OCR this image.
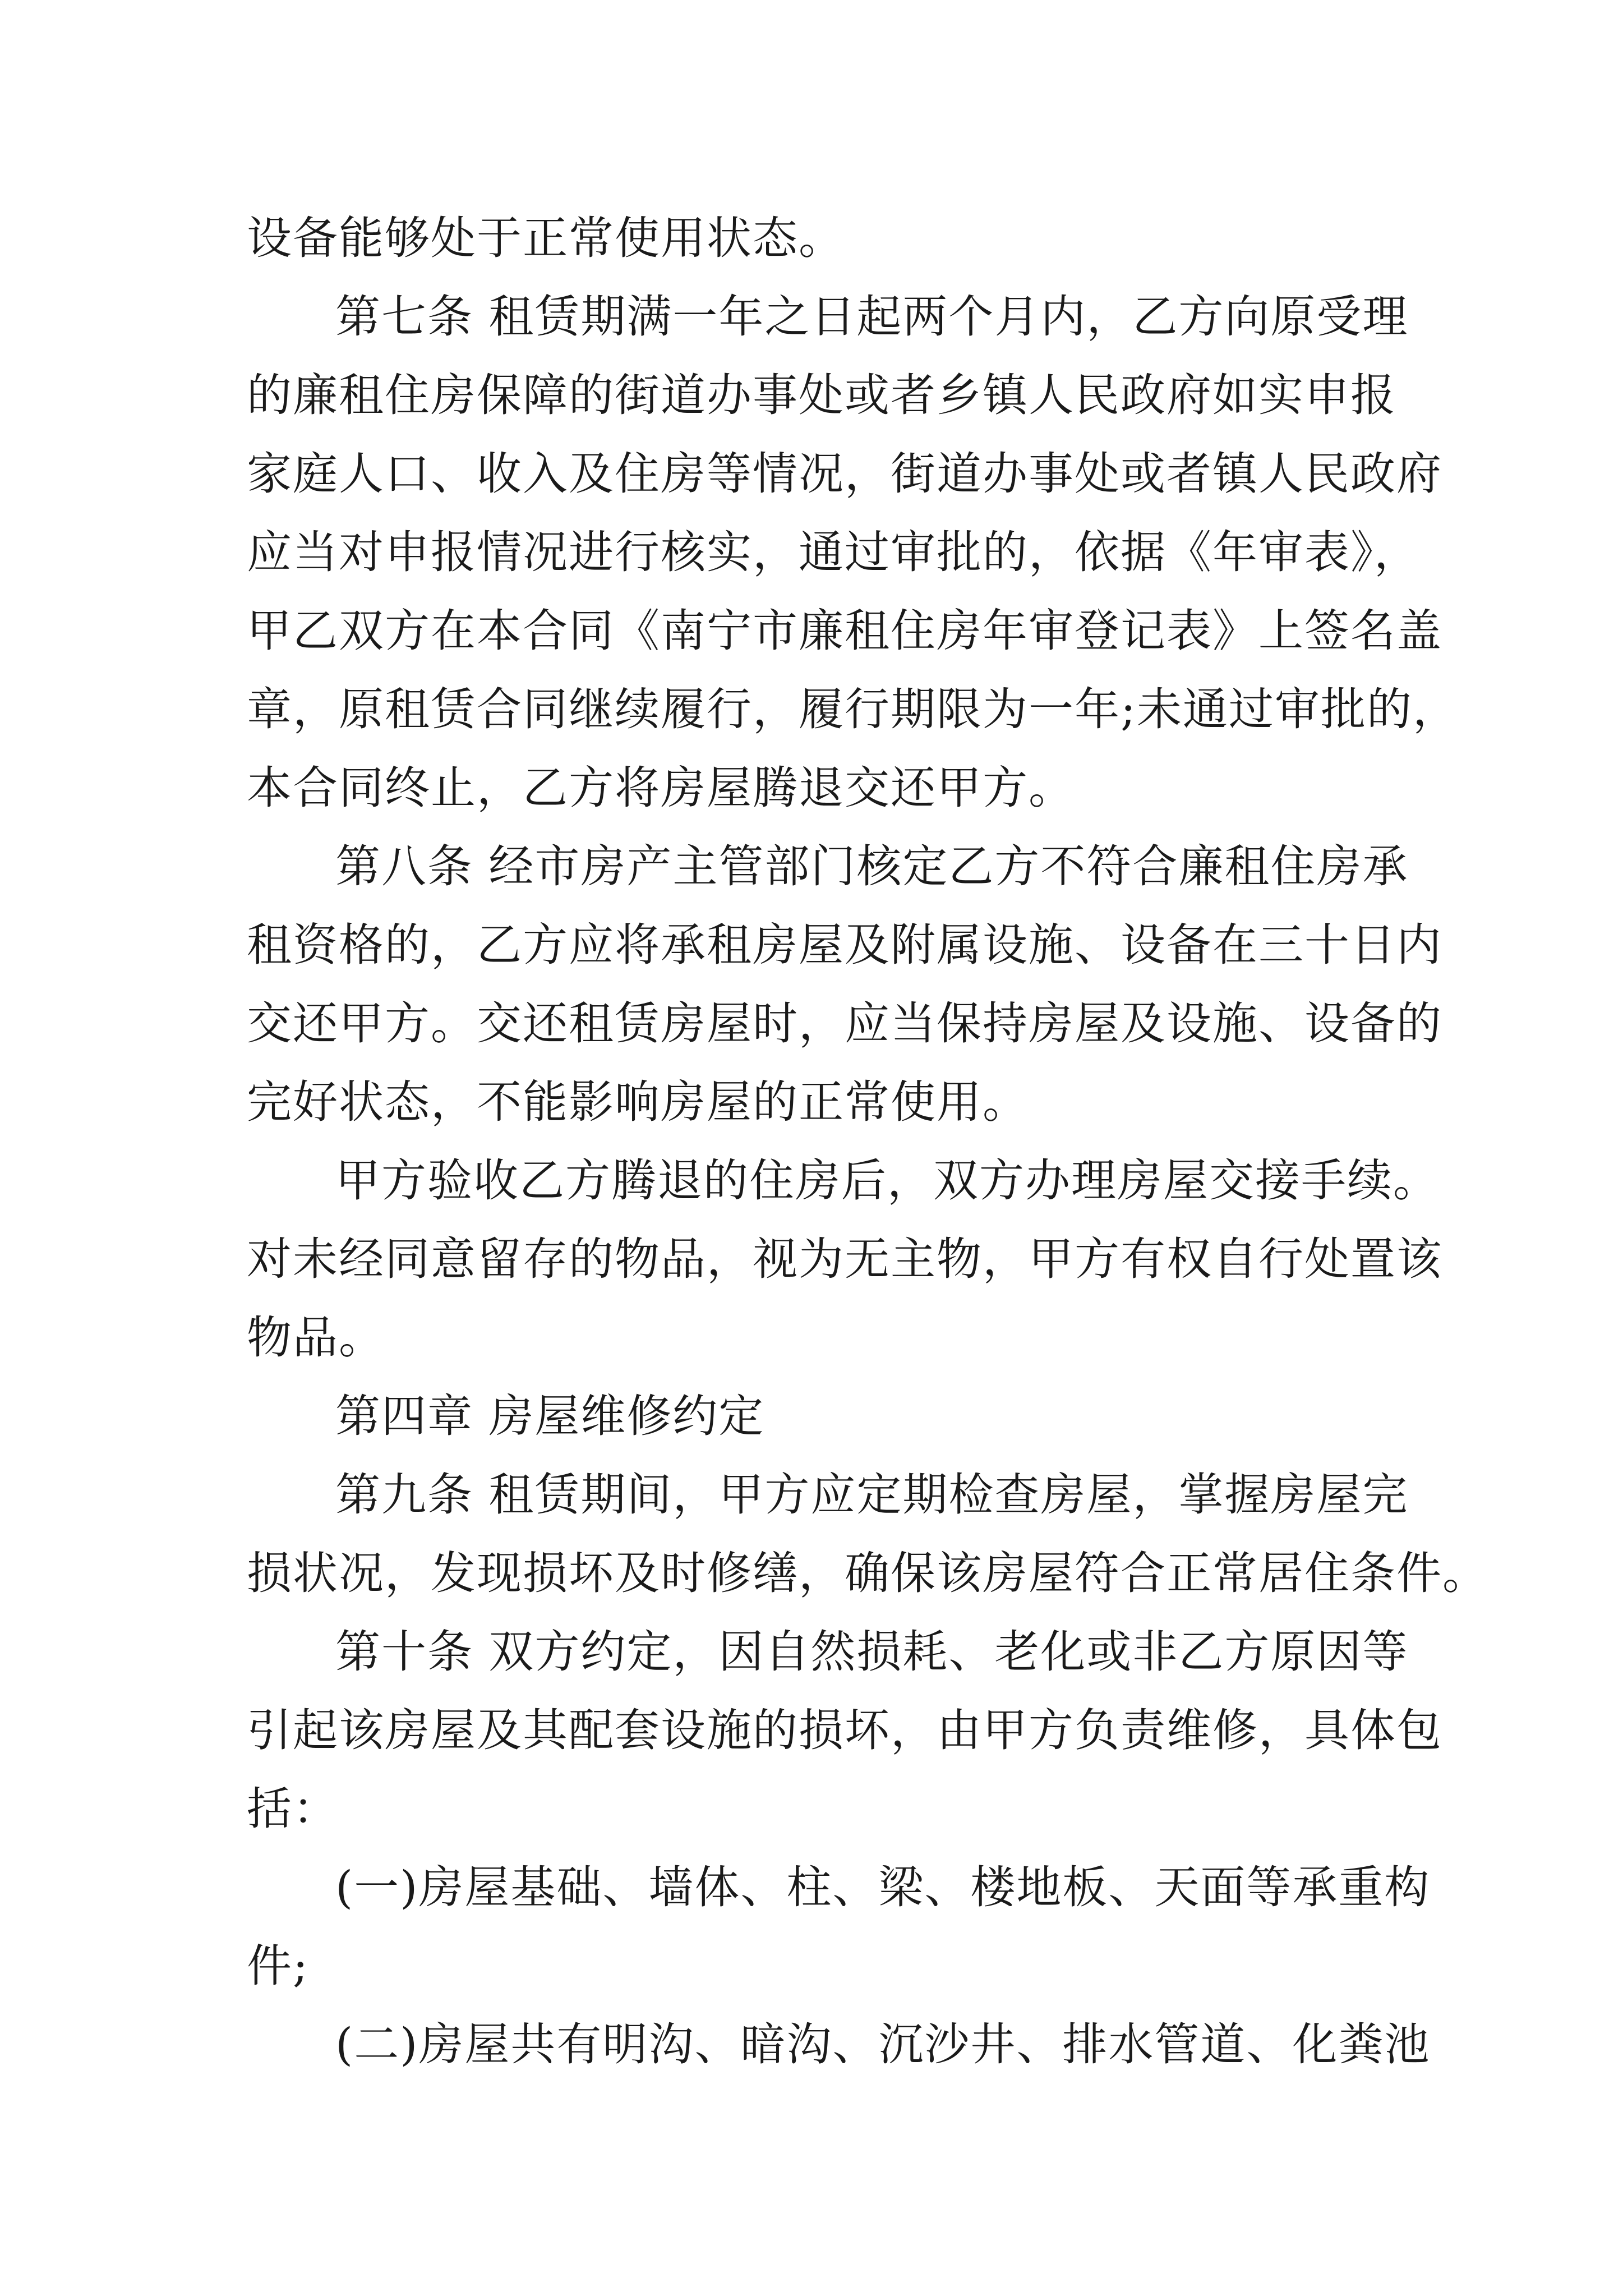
设备能够处于正常使用状态。

第七条 租赁期满一年之日起两个月内，乙方向原受理

的廉租住房保障的街道办事处或者乡镇人民政府如实申报

家庭人口、收入及住房等情况，街道办事处或者镇人民政府

应当对申报情况进行核实，通过审批的，依据《年审表》，

甲乙双方在本合同《南宁市廉租住房年审登记表》上签名盖

章，原租赁合同继续履行，履行期限为一年;未通过审批的，

本合同终止，乙方将房屋腾退交还甲方。

第八条 经市房产主管部门核定乙方不符合廉租住房承

租资格的，乙方应将承租房屋及附属设施、设备在三十日内

交还甲方。交还租赁房屋时，应当保持房屋及设施、设备的

完好状态，不能影响房屋的正常使用。

甲方验收乙方腾退的住房后，双方办理房屋交接手续。

对未经同意留存的物品，视为无主物，甲方有权自行处置该

物品。

第四章 房屋维修约定

第九条 租赁期间，甲方应定期检查房屋，掌握房屋完

损状况，发现损坏及时修缮，确保该房屋符合正常居住条件。

第十条 双方约定，因自然损耗、老化或非乙方原因等

引起该房屋及其配套设施的损坏，由甲方负责维修，具体包

括：

(一)房屋基础、墙体、柱、梁、楼地板、天面等承重构

件;

(二)房屋共有明沟、暗沟、沉沙井、排水管道、化粪池
